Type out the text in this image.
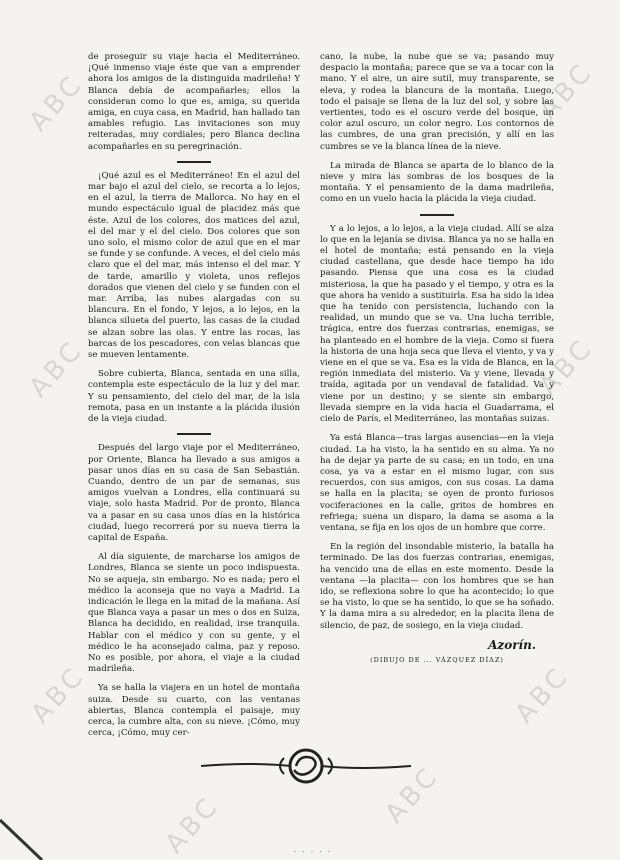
ABC
ABC
ABC
ABC
ABC
ABC
ABC	ABC

de proseguir su viaje hacia el Mediterráneo. ¡Qué inmenso viaje éste que van a emprender ahora los amigos de la distinguida madrileña! Y Blanca debía de acompañarles; ellos la consideran como lo que es, amiga, su querida amiga, en cuya casa, en Madrid, han hallado tan amables refugio. Las invitaciones son muy reiteradas, muy cordiales; pero Blanca declina acompañarles en su peregrinación.

¡Qué azul es el Mediterráneo! En el azul del mar bajo el azul del cielo, se recorta a lo lejos, en el azul, la tierra de Mallorca. No hay en el mundo espectáculo igual de placidez más que éste. Azul de los colores, dos matices del azul, el del mar y el del cielo. Dos colores que son uno solo, el mismo color de azul que en el mar se funde y se confunde. A veces, el del cielo más claro que el del mar, más intenso el del mar. Y de tarde, amarillo y violeta, unos reflejos dorados que vienen del cielo y se funden con el mar. Arriba, las nubes alargadas con su blancura. En el fondo, Y lejos, a lo lejos, en la blanca silueta del puerto, las casas de la ciudad se alzan sobre las olas. Y entre las rocas, las barcas de los pescadores, con velas blancas que se mueven lentamente.

Sobre cubierta, Blanca, sentada en una silla, contempla este espectáculo de la luz y del mar. Y su pensamiento, del cielo del mar, de la isla remota, pasa en un instante a la plácida ilusión de la vieja ciudad.

Después del largo viaje por el Mediterráneo, por Oriente, Blanca ha llevado a sus amigos a pasar unos días en su casa de San Sebastián. Cuando, dentro de un par de semanas, sus amigos vuelvan a Londres, ella continuará su viaje, solo hasta Madrid. Por de pronto, Blanca va a pasar en su casa unos días en la histórica ciudad, luego recorrerá por su nueva tierra la capital de España.

Al día siguiente, de marcharse los amigos de Londres, Blanca se siente un poco indispuesta. No se aqueja, sin embargo. No es nada; pero el médico la aconseja que no vaya a Madrid. La indicación le llega en la mitad de la mañana. Así que Blanca vaya a pasar un mes o dos en Suiza, Blanca ha decidido, en realidad, irse tranquila. Hablar con el médico y con su gente, y el médico le ha aconsejado calma, paz y reposo. No es posible, por ahora, el viaje a la ciudad madrileña.

Ya se halla la viajera en un hotel de montaña suiza. Desde su cuarto, con las ventanas abiertas, Blanca contempla el paisaje, muy cerca, la cumbre alta, con su nieve. ¡Cómo, muy cerca, ¡Cómo, muy cer-

cano, la nube, la nube que se va; pasando muy despacio la montaña; parece que se va a tocar con la mano. Y el aire, un aire sutil, muy transparente, se eleva, y rodea la blancura de la montaña. Luego, todo el paisaje se llena de la luz del sol, y sobre las vertientes, todo es el oscuro verde del bosque, un color azul oscuro, un color negro. Los contornos de las cumbres, de una gran precisión, y allí en las cumbres se ve la blanca línea de la nieve.

La mirada de Blanca se aparta de lo blanco de la nieve y mira las sombras de los bosques de la montaña. Y el pensamiento de la dama madrileña, como en un vuelo hacia la plácida la vieja ciudad.

Y a lo lejos, a lo lejos, a la vieja ciudad. Allí se alza lo que en la lejanía se divisa. Blanca ya no se halla en el hotel de montaña; está pensando en la vieja ciudad castellana, que desde hace tiempo ha ido pasando. Piensa que una cosa es la ciudad misteriosa, la que ha pasado y el tiempo, y otra es la que ahora ha venido a sustituirla. Esa ha sido la idea que ha tenido con persistencia, luchando con la realidad, un mundo que se va. Una lucha terrible, trágica, entre dos fuerzas contrarias, enemigas, se ha planteado en el hombre de la vieja. Como si fuera la historia de una hoja seca que lleva el viento, y va y viene en el que se va. Esa es la vida de Blanca, en la región inmediata del misterio. Va y viene, llevada y traída, agitada por un vendaval de fatalidad. Va y viene por un destino; y se siente sin embargo, llevada siempre en la vida hacia el Guadarrama, el cielo de París, el Mediterráneo, las montañas suizas.

Ya está Blanca—tras largas ausencias—en la vieja ciudad. La ha visto, la ha sentido en su alma. Ya no ha de dejar ya parte de su casa; en un todo, en una cosa, ya va a estar en el mismo lugar, con sus recuerdos, con sus amigos, con sus cosas. La dama se halla en la placita; se oyen de pronto furiosos vociferaciones en la calle, gritos de hombres en refriega; suena un disparo, la dama se asoma a la ventana, se fija en los ojos de un hombre que corre.

En la región del insondable misterio, la batalla ha terminado. De las dos fuerzas contrarias, enemigas, ha vencido una de ellas en este momento. Desde la ventana —la placita— con los hombres que se han ido, se reflexiona sobre lo que ha acontecido; lo que se ha visto, lo que se ha sentido, lo que se ha soñado. Y la dama mira a su alrededor, en la placita llena de silencio, de paz, de sosiego, en la vieja ciudad.

Azorín.
(DIBUJO DE ... VÁZQUEZ DÍAZ)
· · · · ·
